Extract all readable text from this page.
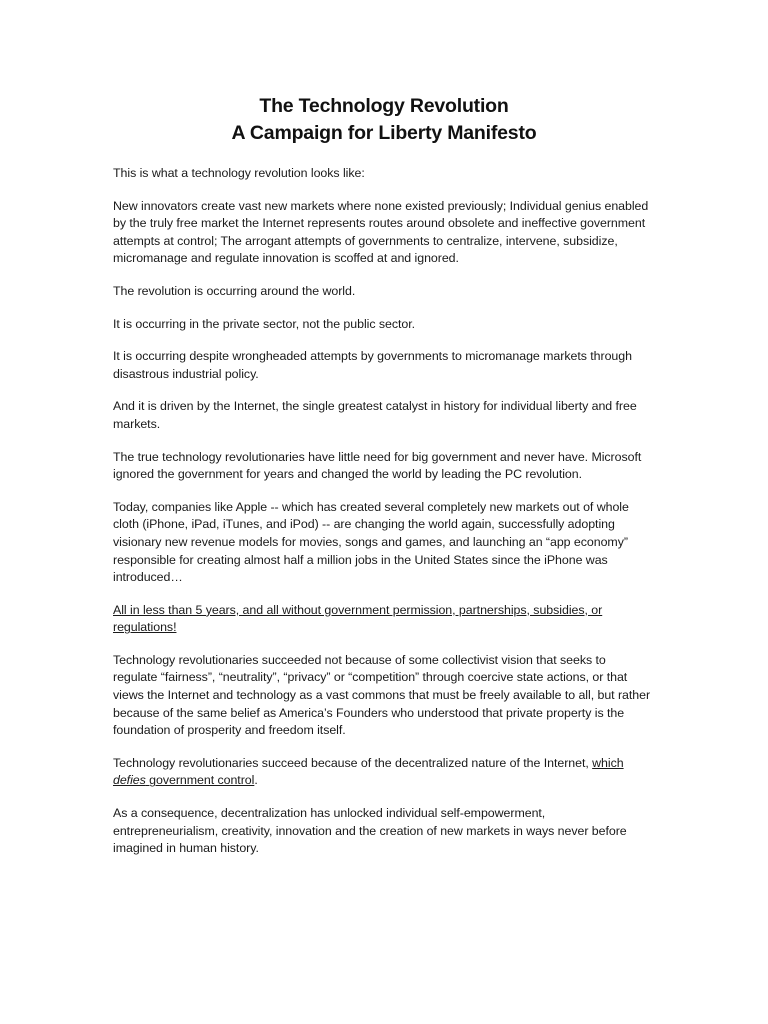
The Technology Revolution
A Campaign for Liberty Manifesto

This is what a technology revolution looks like:

New innovators create vast new markets where none existed previously; Individual genius enabled by the truly free market the Internet represents routes around obsolete and ineffective government attempts at control; The arrogant attempts of governments to centralize, intervene, subsidize, micromanage and regulate innovation is scoffed at and ignored.

The revolution is occurring around the world.

It is occurring in the private sector, not the public sector.

It is occurring despite wrongheaded attempts by governments to micromanage markets through disastrous industrial policy.

And it is driven by the Internet, the single greatest catalyst in history for individual liberty and free markets.

The true technology revolutionaries have little need for big government and never have. Microsoft ignored the government for years and changed the world by leading the PC revolution.

Today, companies like Apple -- which has created several completely new markets out of whole cloth (iPhone, iPad, iTunes, and iPod) -- are changing the world again, successfully adopting visionary new revenue models for movies, songs and games, and launching an “app economy” responsible for creating almost half a million jobs in the United States since the iPhone was introduced…

All in less than 5 years, and all without government permission, partnerships, subsidies, or regulations!

Technology revolutionaries succeeded not because of some collectivist vision that seeks to regulate “fairness”, “neutrality”, “privacy” or “competition” through coercive state actions, or that views the Internet and technology as a vast commons that must be freely available to all, but rather because of the same belief as America’s Founders who understood that private property is the foundation of prosperity and freedom itself.

Technology revolutionaries succeed because of the decentralized nature of the Internet, which defies government control.

As a consequence, decentralization has unlocked individual self-empowerment, entrepreneurialism, creativity, innovation and the creation of new markets in ways never before imagined in human history.
